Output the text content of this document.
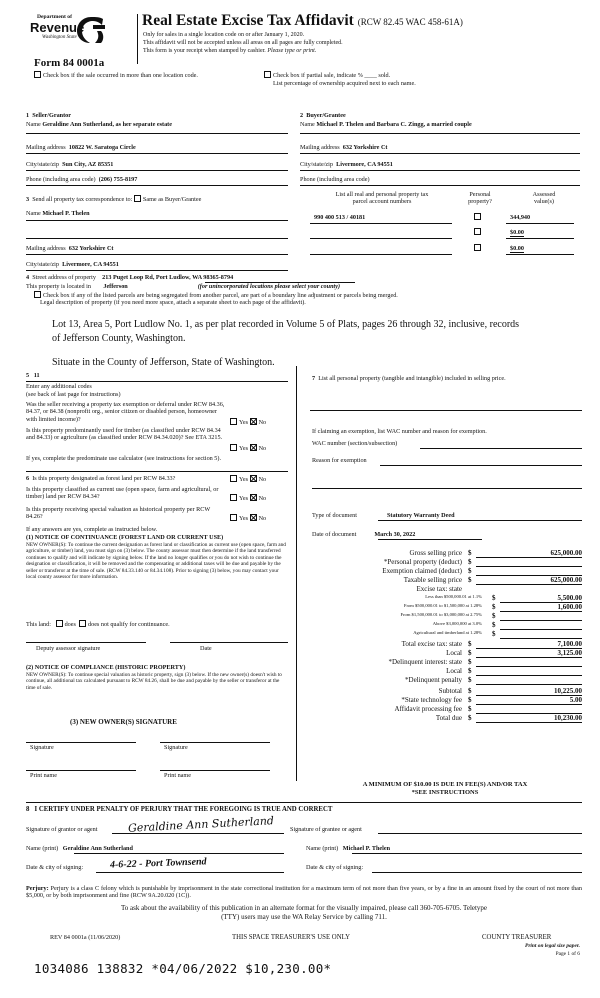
Department of
Revenue
Washington State
Real Estate Excise Tax Affidavit (RCW 82.45 WAC 458-61A)
Only for sales in a single location code on or after January 1, 2020.
This affidavit will not be accepted unless all areas on all pages are fully completed.
This form is your receipt when stamped by cashier. Please type or print.
Form 84 0001a
Check box if the sale occurred in more than one location code.	Check box if partial sale, indicate % ____ sold.
List percentage of ownership acquired next to each name.
1  Seller/Grantor
Name Geraldine Ann Sutherland, as her separate estate
Mailing address 10822 W. Saratoga Circle
City/state/zip Sun City, AZ 85351
Phone (including area code) (206) 755-8197
2  Buyer/Grantee
Name Michael P. Thelen and Barbara C. Zingg, a married couple
Mailing address 632 Yorkshire Ct
City/state/zip Livermore, CA 94551
Phone (including area code)
3 Send all property tax correspondence to: Same as Buyer/Grantee
Name Michael P. Thelen
Mailing address 632 Yorkshire Ct
City/state/zip Livermore, CA 94551
List all real and personal property tax
parcel account numbers
Personal
property?
Assessed
value(s)
990 400 513 / 40181	344,940
$0.00
$0.00
4 Street address of property 213 Puget Loop Rd, Port Ludlow, WA 98365-8794
This property is located in Jefferson	(for unincorporated locations please select your county)
Check box if any of the listed parcels are being segregated from another parcel, are part of a boundary line adjustment or parcels being merged.
Legal description of property (if you need more space, attach a separate sheet to each page of the affidavit).
Lot 13, Area 5, Port Ludlow No. 1, as per plat recorded in Volume 5 of Plats, pages 26 through 32, inclusive, records
of Jefferson County, Washington.
Situate in the County of Jefferson, State of Washington.
5 11
Enter any additional codes
(see back of last page for instructions)
Was the seller receiving a property tax exemption or deferral under RCW 84.36, 84.37, or 84.38 (nonprofit org., senior citizen or disabled person, homeowner with limited income)?	Yes No
Is this property predominantly used for timber (as classified under RCW 84.34 and 84.33) or agriculture (as classified under RCW 84.34.020)? See ETA 3215.
Yes No
If yes, complete the predominate use calculator (see instructions for section 5).
6 Is this property designated as forest land per RCW 84.33?	Yes No
Is this property classified as current use (open space, farm and agricultural, or timber) land per RCW 84.34?	Yes No
Is this property receiving special valuation as historical property per RCW 84.26?	Yes No
If any answers are yes, complete as instructed below.
(1) NOTICE OF CONTINUANCE (FOREST LAND OR CURRENT USE)
NEW OWNER(S): To continue the current designation as forest land or classification as current use (open space, farm and agriculture, or timber) land, you must sign on (3) below. The county assessor must then determine if the land transferred continues to qualify and will indicate by signing below. If the land no longer qualifies or you do not wish to continue the designation or classification, it will be removed and the compensating or additional taxes will be due and payable by the seller or transferor at the time of sale. (RCW 84.33.140 or 84.34.108). Prior to signing (3) below, you may contact your local county assessor for more information.
This land: does does not qualify for continuance.
Deputy assessor signature	Date
(2) NOTICE OF COMPLIANCE (HISTORIC PROPERTY)
NEW OWNER(S): To continue special valuation as historic property, sign (3) below. If the new owner(s) doesn't wish to continue, all additional tax calculated pursuant to RCW 84.26, shall be due and payable by the seller or transferor at the time of sale.
(3) NEW OWNER(S) SIGNATURE
Signature	Signature
Print name	Print name
7 List all personal property (tangible and intangible) included in selling price.
If claiming an exemption, list WAC number and reason for exemption.
WAC number (section/subsection)
Reason for exemption
Type of document	Statutory Warranty Deed
Date of document	March 30, 2022
Gross selling price $	625,000.00
*Personal property (deduct) $
Exemption claimed (deduct) $
Taxable selling price $	625,000.00
Excise tax: state
Less than $500,000.01 at 1.1% $	5,500.00
From $500,000.01 to $1,500,000 at 1.28% $	1,600.00
From $1,500,000.01 to $3,000,000 at 2.75% $
Above $3,000,000 at 3.0% $
Agricultural and timberland at 1.28% $
Total excise tax: state $	7,100.00
Local $	3,125.00
*Delinquent interest: state $
Local $
*Delinquent penalty $
Subtotal $	10,225.00
*State technology fee $	5.00
Affidavit processing fee $
Total due $	10,230.00
A MINIMUM OF $10.00 IS DUE IN FEE(S) AND/OR TAX
*SEE INSTRUCTIONS
8 I CERTIFY UNDER PENALTY OF PERJURY THAT THE FOREGOING IS TRUE AND CORRECT
Signature of grantor or agent	Geraldine Ann Sutherland	Signature of grantee or agent
Name (print) Geraldine Ann Sutherland	Name (print) Michael P. Thelen
Date & city of signing:	4-6-22 - Port Townsend	Date & city of signing:
Perjury: Perjury is a class C felony which is punishable by imprisonment in the state correctional institution for a maximum term of not more than five years, or by a fine in an amount fixed by the court of not more than $5,000, or by both imprisonment and fine (RCW 9A.20.020 (1C)).
To ask about the availability of this publication in an alternate format for the visually impaired, please call 360-705-6705. Teletype
(TTY) users may use the WA Relay Service by calling 711.
REV 84 0001a (11/06/2020)	THIS SPACE TREASURER'S USE ONLY	COUNTY TREASURER
Print on legal size paper.
Page 1 of 6
1034086 138832 *04/06/2022 $10,230.00*
